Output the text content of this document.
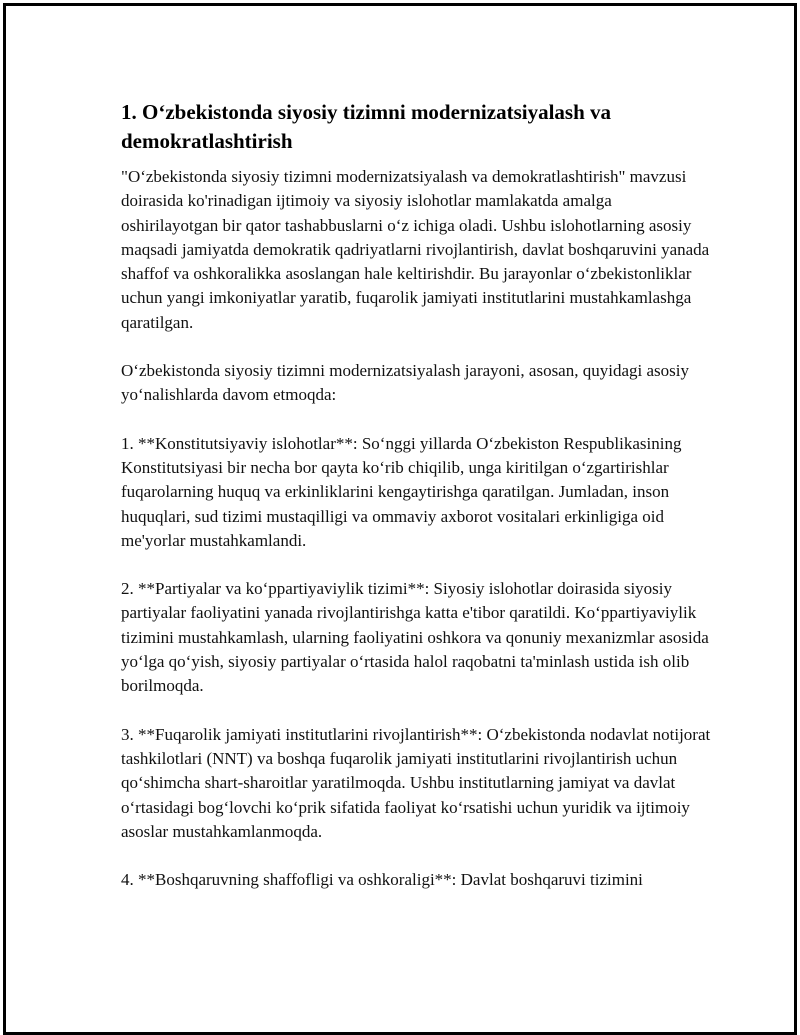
1. O‘zbekistonda siyosiy tizimni modernizatsiyalash va demokratlashtirish

"O‘zbekistonda siyosiy tizimni modernizatsiyalash va demokratlashtirish" mavzusi doirasida ko'rinadigan ijtimoiy va siyosiy islohotlar mamlakatda amalga oshirilayotgan bir qator tashabbuslarni o‘z ichiga oladi. Ushbu islohotlarning asosiy maqsadi jamiyatda demokratik qadriyatlarni rivojlantirish, davlat boshqaruvini yanada shaffof va oshkoralikka asoslangan hale keltirishdir. Bu jarayonlar o‘zbekistonliklar uchun yangi imkoniyatlar yaratib, fuqarolik jamiyati institutlarini mustahkamlashga qaratilgan.

O‘zbekistonda siyosiy tizimni modernizatsiyalash jarayoni, asosan, quyidagi asosiy yo‘nalishlarda davom etmoqda:

1. **Konstitutsiyaviy islohotlar**: So‘nggi yillarda O‘zbekiston Respublikasining Konstitutsiyasi bir necha bor qayta ko‘rib chiqilib, unga kiritilgan o‘zgartirishlar fuqarolarning huquq va erkinliklarini kengaytirishga qaratilgan. Jumladan, inson huquqlari, sud tizimi mustaqilligi va ommaviy axborot vositalari erkinligiga oid me'yorlar mustahkamlandi.

2. **Partiyalar va ko‘ppartiyaviylik tizimi**: Siyosiy islohotlar doirasida siyosiy partiyalar faoliyatini yanada rivojlantirishga katta e'tibor qaratildi. Ko‘ppartiyaviylik tizimini mustahkamlash, ularning faoliyatini oshkora va qonuniy mexanizmlar asosida yo‘lga qo‘yish, siyosiy partiyalar o‘rtasida halol raqobatni ta'minlash ustida ish olib borilmoqda.

3. **Fuqarolik jamiyati institutlarini rivojlantirish**: O‘zbekistonda nodavlat notijorat tashkilotlari (NNT) va boshqa fuqarolik jamiyati institutlarini rivojlantirish uchun qo‘shimcha shart-sharoitlar yaratilmoqda. Ushbu institutlarning jamiyat va davlat o‘rtasidagi bog‘lovchi ko‘prik sifatida faoliyat ko‘rsatishi uchun yuridik va ijtimoiy asoslar mustahkamlanmoqda.

4. **Boshqaruvning shaffofligi va oshkoraligi**: Davlat boshqaruvi tizimini
